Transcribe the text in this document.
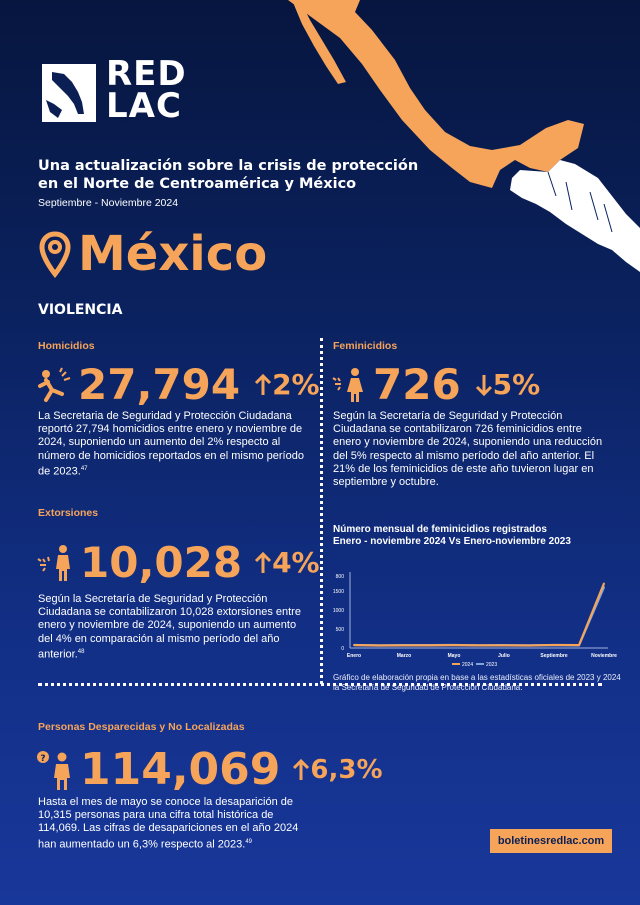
RED
LAC
Una actualización sobre la crisis de protección
en el Norte de Centroamérica y México
Septiembre - Noviembre 2024
México
VIOLENCIA
Homicidios
27,794 2%
La Secretaria de Seguridad y Protección Ciudadana reportó 27,794 homicidios entre enero y noviembre de 2024, suponiendo un aumento del 2% respecto al número de homicidios reportados en el mismo período de 2023.47
Feminicidios
726 5%
Según la Secretaría de Seguridad y Protección Ciudadana se contabilizaron 726 feminicidios entre enero y noviembre de 2024, suponiendo una reducción del 5% respecto al mismo período del año anterior. El 21% de los feminicidios de este año tuvieron lugar en septiembre y octubre.
Extorsiones
10,028 4%
Según la Secretaría de Seguridad y Protección Ciudadana se contabilizaron 10,028 extorsiones entre enero y noviembre de 2024, suponiendo un aumento del 4% en comparación al mismo período del año anterior.$^{48}$
Número mensual de feminicidios registrados
Enero - noviembre 2024 Vs Enero-noviembre 2023
0
500
1000
1500
800
Enero	Marzo	Mayo	Julio	Septiembre	Noviembre
2024	2023
Gráfico de elaboración propia en base a las estadísticas oficiales de 2023 y 2024 la Secretaría de Seguridad de Protección Ciudadana.
Personas Desparecidas y No Localizadas
? 114,069 6,3%
Hasta el mes de mayo se conoce la desaparición de 10,315 personas para una cifra total histórica de 114,069. Las cifras de desapariciones en el año 2024 han aumentado un 6,3% respecto al 2023.49	boletinesredlac.com
